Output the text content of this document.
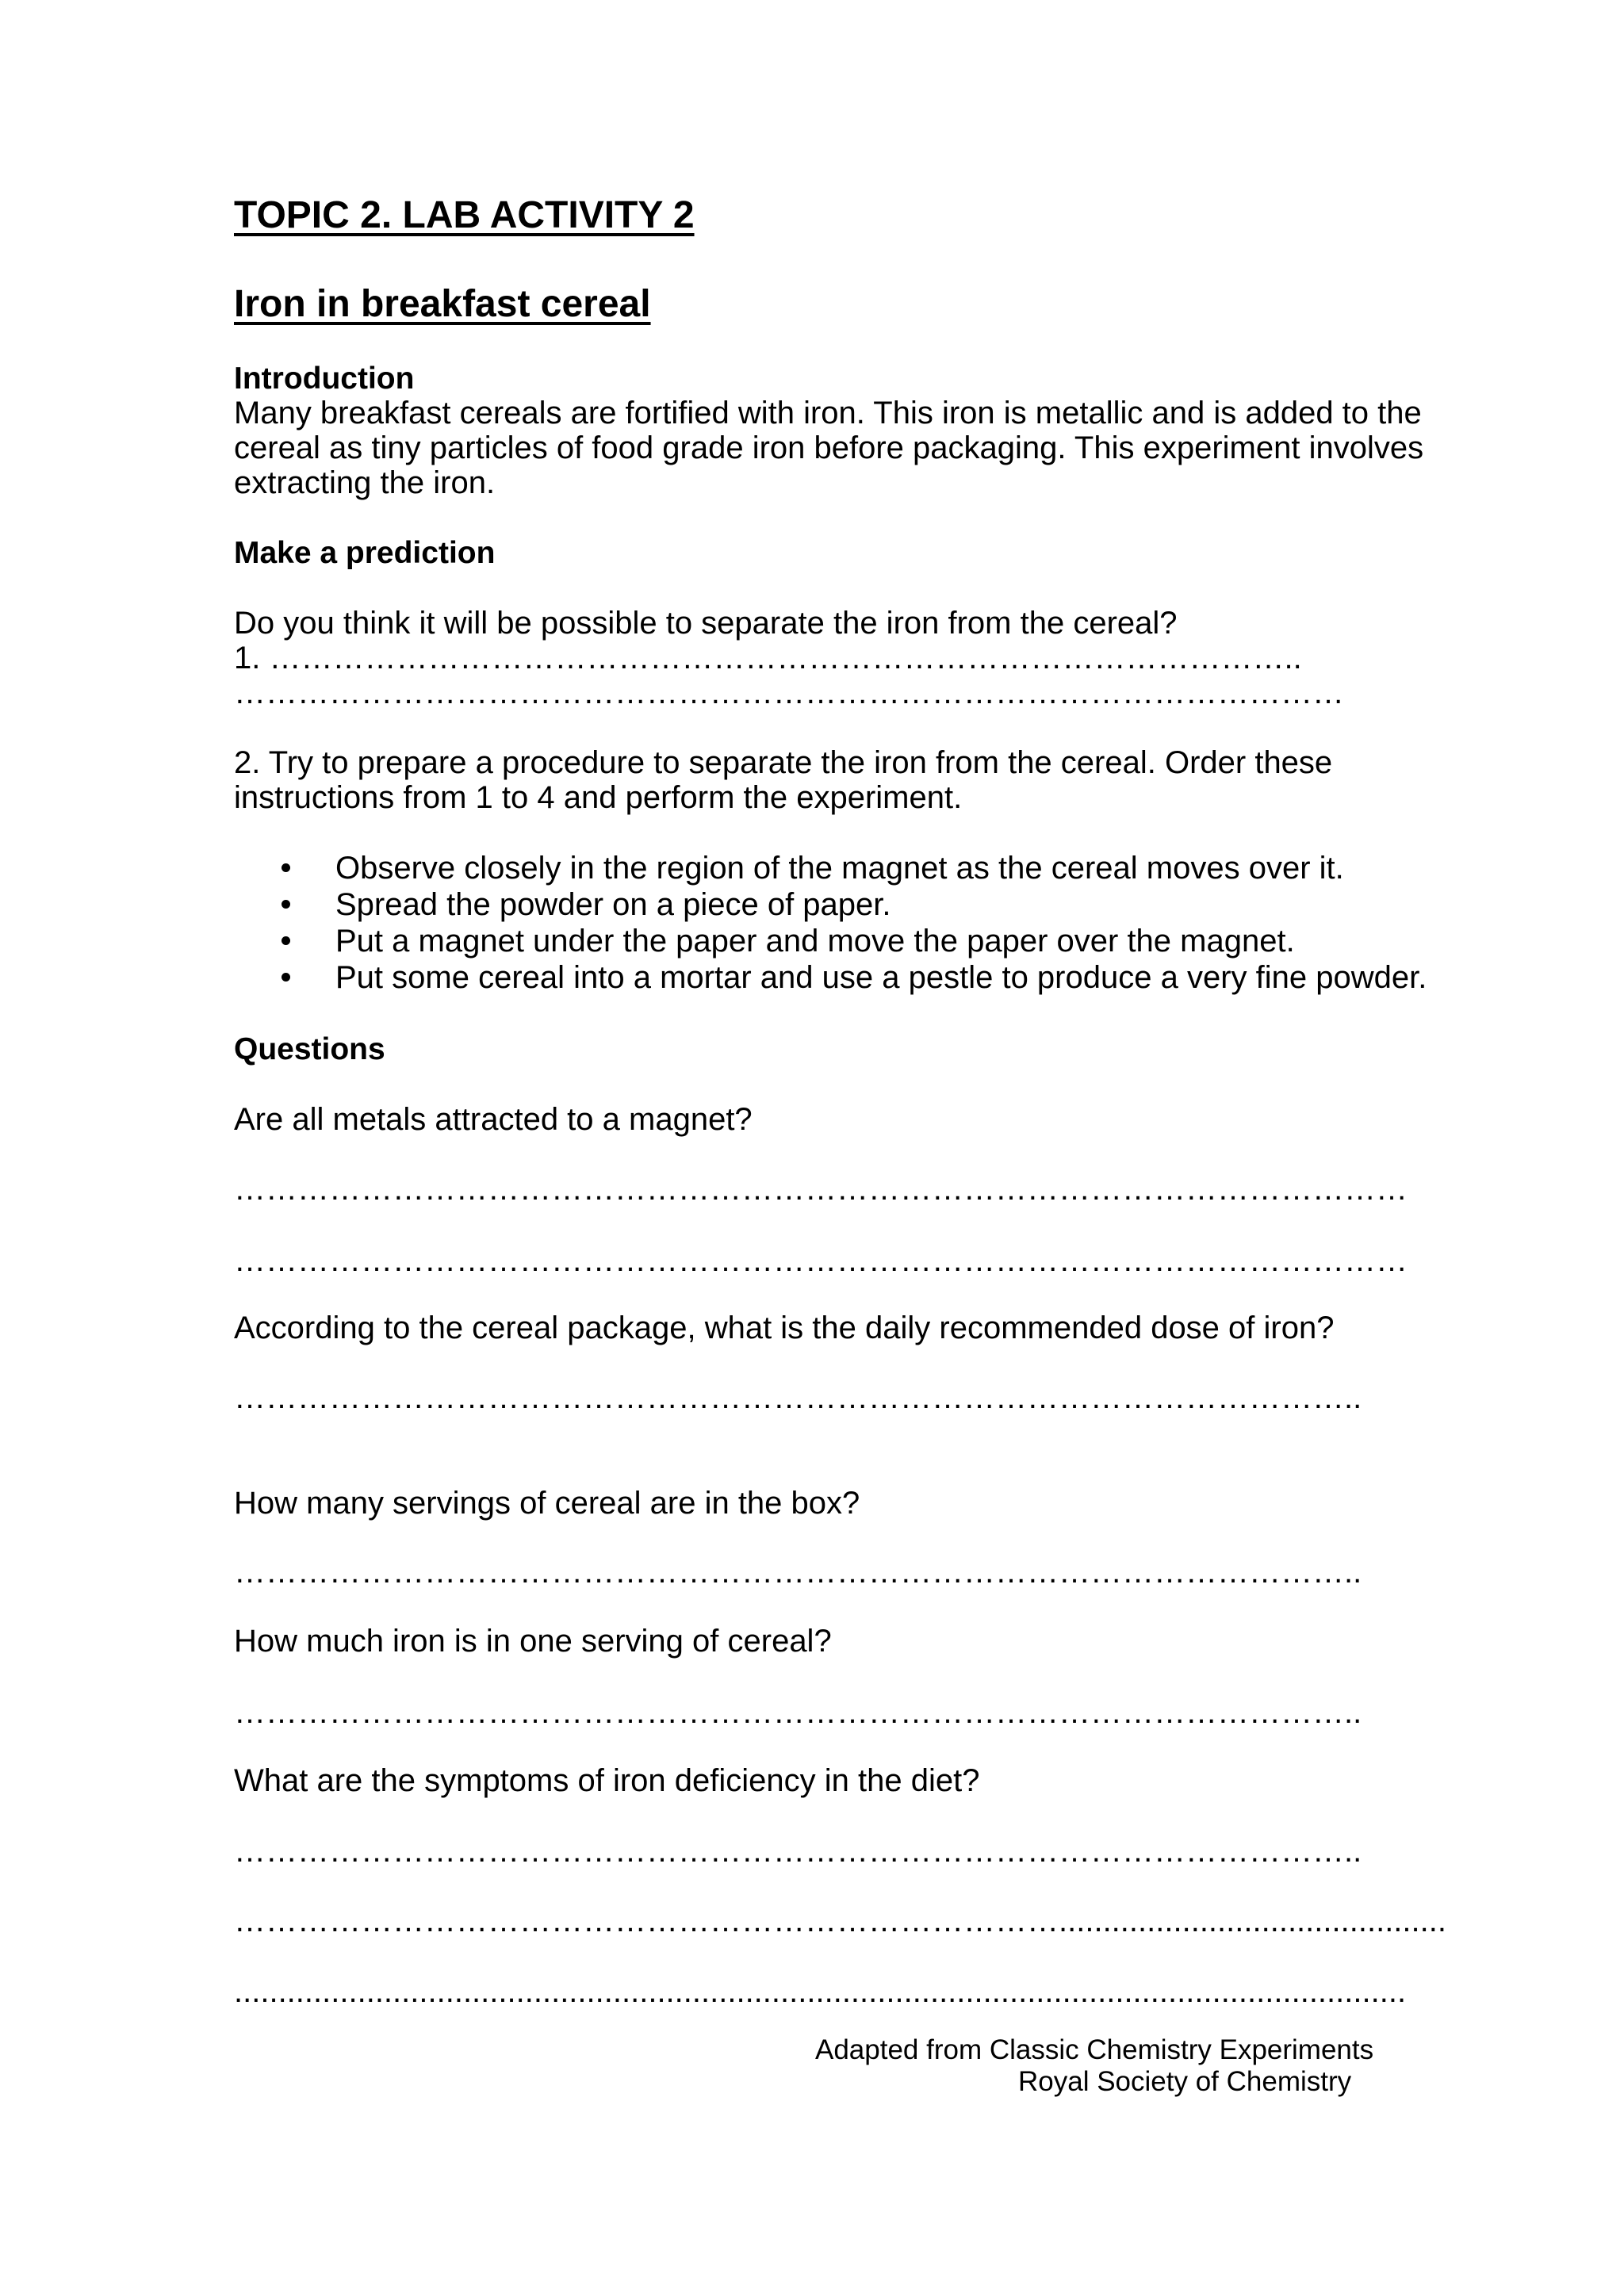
TOPIC 2. LAB ACTIVITY 2
Iron in breakfast cereal
Introduction
Many breakfast cereals are fortified with iron. This iron is metallic and is added to the
cereal as tiny particles of food grade iron before packaging. This experiment involves
extracting the iron.
Make a prediction
Do you think it will be possible to separate the iron from the cereal?
1. ……………………………………………………………………………………..
……………………………………………………………………………………………
2. Try to prepare a procedure to separate the iron from the cereal. Order these
instructions from 1 to 4 and perform the experiment.
Observe closely in the region of the magnet as the cereal moves over it.
Spread the powder on a piece of paper.
Put a magnet under the paper and move the paper over the magnet.
Put some cereal into a mortar and use a pestle to produce a very fine powder.
Questions
Are all metals attracted to a magnet?
…………………………………………………………………………………………………
…………………………………………………………………………………………………
According to the cereal package, what is the daily recommended dose of iron?
……………………………………………………………………………………………..
How many servings of cereal are in the box?
……………………………………………………………………………………………..
How much iron is in one serving of cereal?
……………………………………………………………………………………………..
What are the symptoms of iron deficiency in the diet?
……………………………………………………………………………………………..
……………………………………………………………………............................................
.....................................................................................................................................
Adapted from Classic Chemistry Experiments
Royal Society of Chemistry
